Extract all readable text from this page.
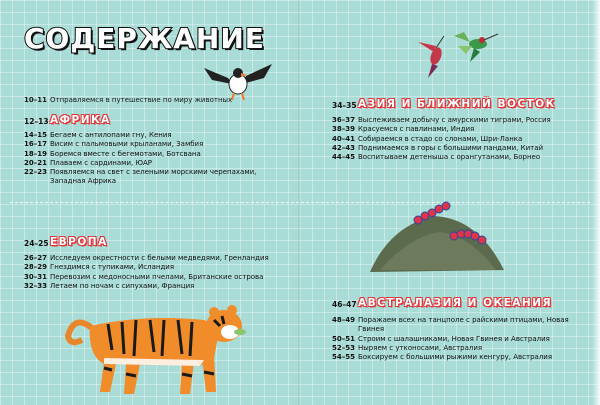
СОДЕРЖАНИЕ
10–11 Отправляемся в путешествие по миру животных
12–13 АФРИКА
14–15 Бегаем с антилопами гну, Кения
16–17 Висим с пальмовыми крыланами, Замбия
18–19 Боремся вместе с бегемотами, Ботсвана
20–21 Плаваем с сардинами, ЮАР
22–23 Появляемся на свет с зелеными морскими черепахами,
Западная Африка
24–25 ЕВРОПА
26–27 Исследуем окрестности с белыми медведями, Гренландия
28–29 Гнездимся с тупиками, Исландия
30–31 Перевозим с медоносными пчелами, Британские острова
32–33 Летаем по ночам с сипухами, Франция
34–35 АЗИЯ И БЛИЖНИЙ ВОСТОК
36–37 Выслеживаем добычу с амурскими тиграми, Россия
38–39 Красуемся с павлинами, Индия
40–41 Собираемся в стадо со слонами, Шри-Ланка
42–43 Поднимаемся в горы с большими пандами, Китай
44–45 Воспитываем детеныша с орангутанами, Борнео
46–47 АВСТРАЛАЗИЯ И ОКЕАНИЯ
48–49 Поражаем всех на танцполе с райскими птицами, Новая Гвинея
50–51 Строим с шалашниками, Новая Гвинея и Австралия
52–53 Ныряем с утконосами, Австралия
54–55 Боксируем с большими рыжими кенгуру, Австралия
